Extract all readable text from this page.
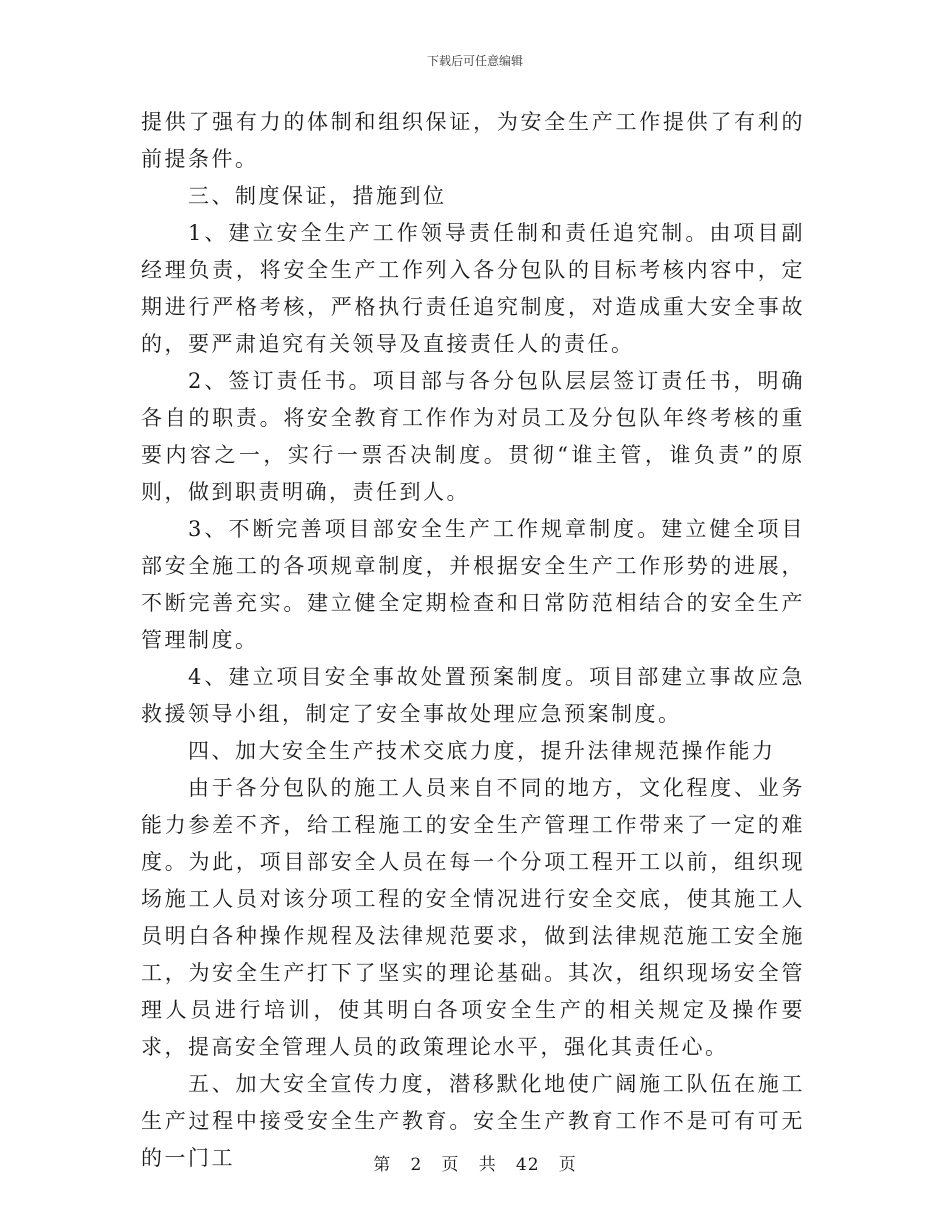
下载后可任意编辑

提供了强有力的体制和组织保证，为安全生产工作提供了有利的前提条件。

三、制度保证，措施到位

1、建立安全生产工作领导责任制和责任追究制。由项目副经理负责，将安全生产工作列入各分包队的目标考核内容中，定期进行严格考核，严格执行责任追究制度，对造成重大安全事故的，要严肃追究有关领导及直接责任人的责任。

2、签订责任书。项目部与各分包队层层签订责任书，明确各自的职责。将安全教育工作作为对员工及分包队年终考核的重要内容之一，实行一票否决制度。贯彻“谁主管，谁负责”的原则，做到职责明确，责任到人。

3、不断完善项目部安全生产工作规章制度。建立健全项目部安全施工的各项规章制度，并根据安全生产工作形势的进展，不断完善充实。建立健全定期检查和日常防范相结合的安全生产管理制度。

4、建立项目安全事故处置预案制度。项目部建立事故应急救援领导小组，制定了安全事故处理应急预案制度。

四、加大安全生产技术交底力度，提升法律规范操作能力

由于各分包队的施工人员来自不同的地方，文化程度、业务能力参差不齐，给工程施工的安全生产管理工作带来了一定的难度。为此，项目部安全人员在每一个分项工程开工以前，组织现场施工人员对该分项工程的安全情况进行安全交底，使其施工人员明白各种操作规程及法律规范要求，做到法律规范施工安全施工，为安全生产打下了坚实的理论基础。其次，组织现场安全管理人员进行培训，使其明白各项安全生产的相关规定及操作要求，提高安全管理人员的政策理论水平，强化其责任心。

五、加大安全宣传力度，潜移默化地使广阔施工队伍在施工生产过程中接受安全生产教育。安全生产教育工作不是可有可无的一门工	第 2 页 共 42 页
